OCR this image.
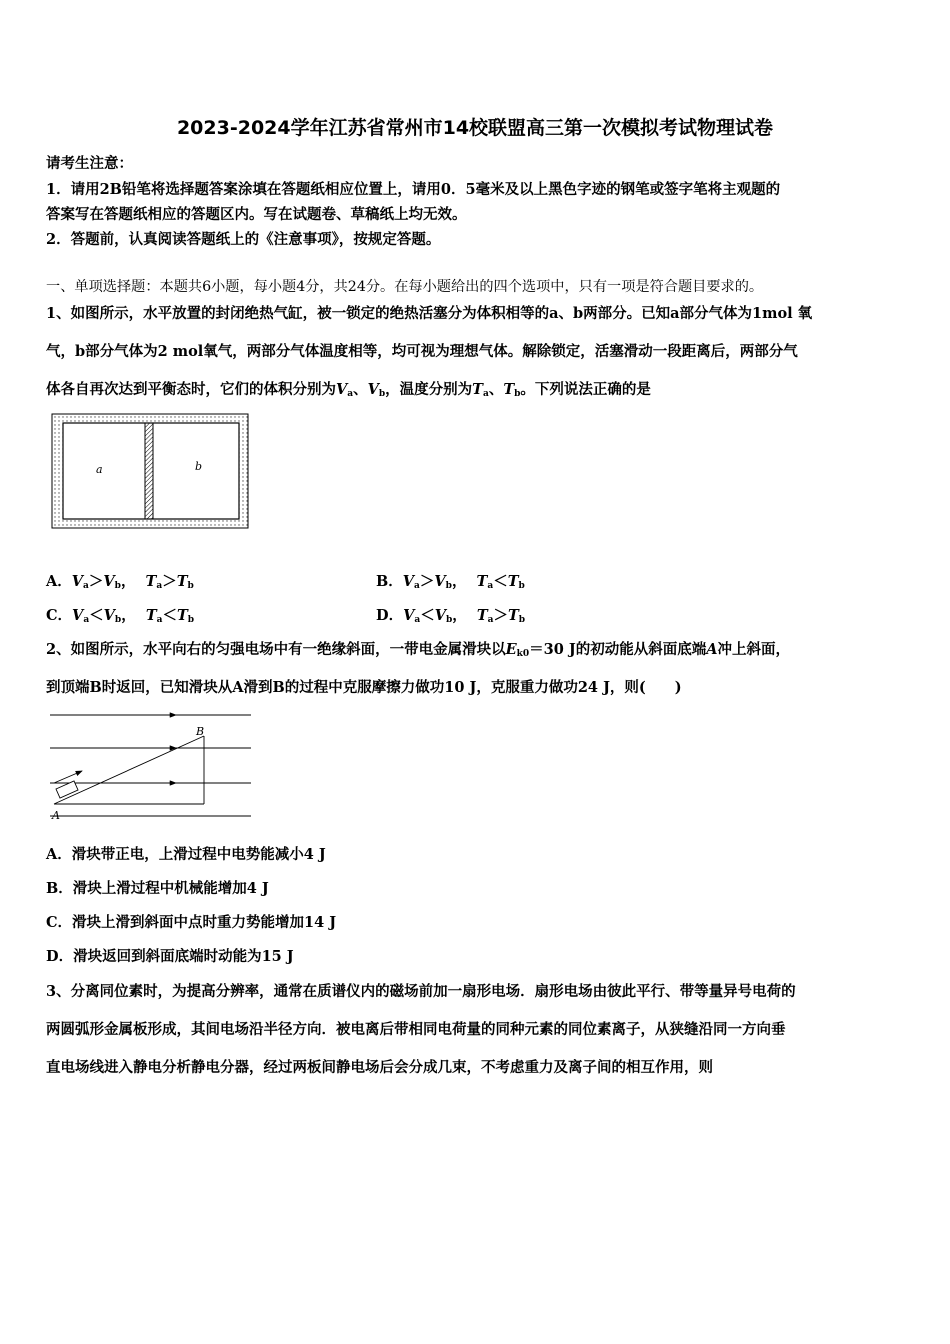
2023-2024学年江苏省常州市14校联盟高三第一次模拟考试物理试卷
请考生注意：
1．请用2B铅笔将选择题答案涂填在答题纸相应位置上，请用0．5毫米及以上黑色字迹的钢笔或签字笔将主观题的
答案写在答题纸相应的答题区内。写在试题卷、草稿纸上均无效。
2．答题前，认真阅读答题纸上的《注意事项》，按规定答题。
一、单项选择题：本题共6小题，每小题4分，共24分。在每小题给出的四个选项中，只有一项是符合题目要求的。
1、如图所示，水平放置的封闭绝热气缸，被一锁定的绝热活塞分为体积相等的a、b两部分。已知a部分气体为1mol 氧
气，b部分气体为2 mol氧气，两部分气体温度相等，均可视为理想气体。解除锁定，活塞滑动一段距离后，两部分气
体各自再次达到平衡态时，它们的体积分别为$V_a$、$V_b$，温度分别为$T_a$、$T_b$。下列说法正确的是
a	b
A．$V_a>V_b$，  $T_a>T_b$	B．$V_a>V_b$，  $T_a<T_b$
C．$V_a<V_b$，  $T_a<T_b$	D．$V_a<V_b$，  $T_a>T_b$
2、如图所示，水平向右的匀强电场中有一绝缘斜面，一带电金属滑块以$E_{k0}=30$ J的初动能从斜面底端A冲上斜面，
到顶端B时返回，已知滑块从A滑到B的过程中克服摩擦力做功10 J，克服重力做功24 J，则(　　)
A
B
A．滑块带正电，上滑过程中电势能减小4 J
B．滑块上滑过程中机械能增加4 J
C．滑块上滑到斜面中点时重力势能增加14 J
D．滑块返回到斜面底端时动能为15 J
3、分离同位素时，为提高分辨率，通常在质谱仪内的磁场前加一扇形电场．扇形电场由彼此平行、带等量异号电荷的
两圆弧形金属板形成，其间电场沿半径方向．被电离后带相同电荷量的同种元素的同位素离子，从狭缝沿同一方向垂
直电场线进入静电分析静电分器，经过两板间静电场后会分成几束，不考虑重力及离子间的相互作用，则
